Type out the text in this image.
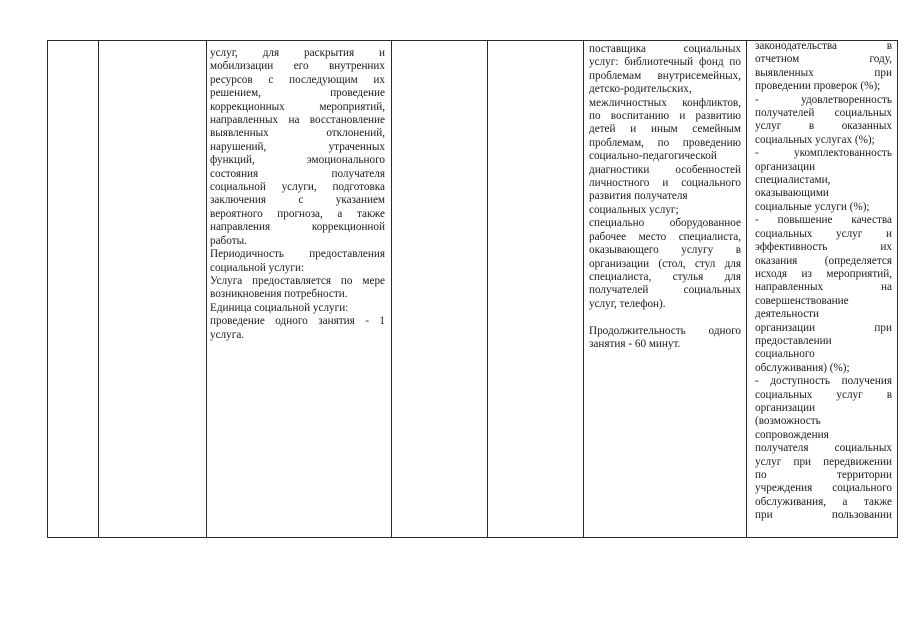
услуг, для раскрытия и

мобилизации его внутренних

ресурсов с последующим их

решением, проведение

коррекционных мероприятий,

направленных на восстановление

выявленных отклонений,

нарушений, утраченных

функций, эмоционального

состояния получателя

социальной услуги, подготовка

заключения с указанием

вероятного прогноза, а также

направления коррекционной

работы.

Периодичность предоставления

социальной услуги:

Услуга предоставляется по мере

возникновения потребности.

Единица социальной услуги:

проведение одного занятия - 1

услуга.

поставщика социальных

услуг: библиотечный фонд по

проблемам внутрисемейных,

детско-родительских,

межличностных конфликтов,

по воспитанию и развитию

детей и иным семейным

проблемам, по проведению

социально-педагогической

диагностики особенностей

личностного и социального

развития получателя

социальных услуг;

специально оборудованное

рабочее место специалиста,

оказывающего услугу в

организации (стол, стул для

специалиста, стулья для

получателей социальных

услуг, телефон).

Продолжительность одного

занятия - 60 минут.

законодательства в

отчетном году,

выявленных при

проведении проверок (%);

- удовлетворенность

получателей социальных

услуг в оказанных

социальных услугах (%);

- укомплектованность

организации

специалистами,

оказывающими

социальные услуги (%);

- повышение качества

социальных услуг и

эффективность их

оказания (определяется

исходя из мероприятий,

направленных на

совершенствование

деятельности

организации при

предоставлении

социального

обслуживания) (%);

- доступность получения

социальных услуг в

организации

(возможность

сопровождения

получателя социальных

услуг при передвижении

по территории

учреждения социального

обслуживания, а также

при пользовании
